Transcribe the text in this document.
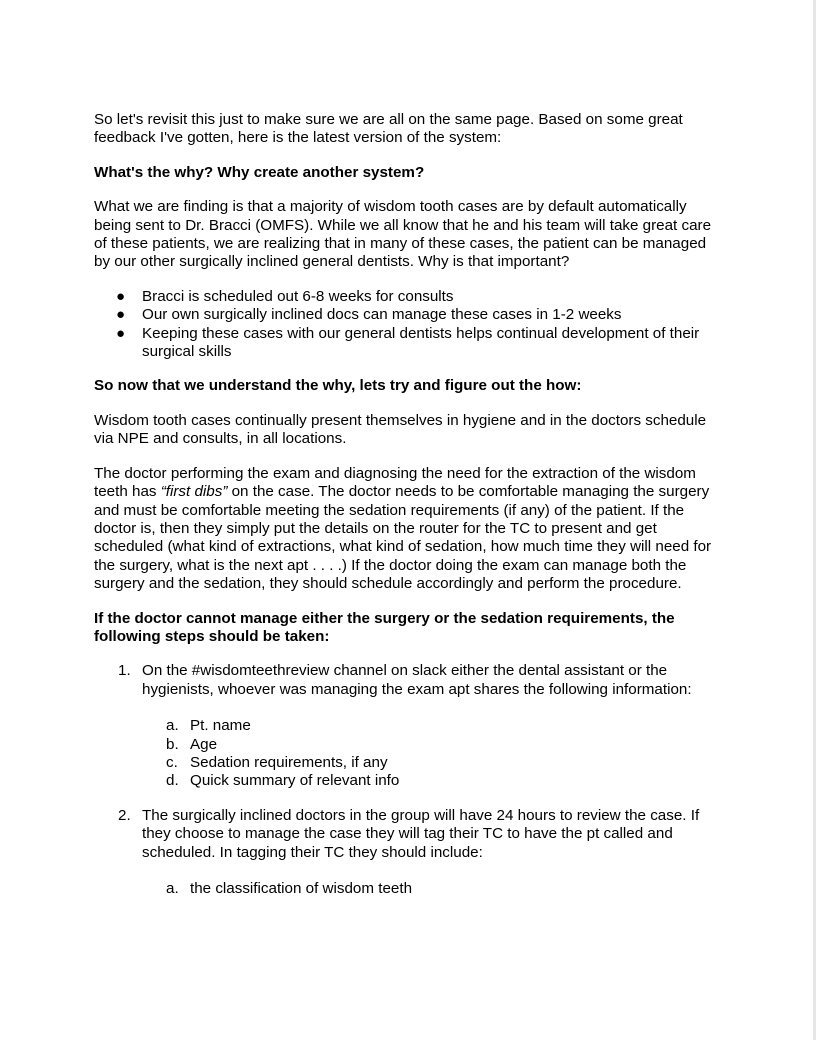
So let's revisit this just to make sure we are all on the same page. Based on some great feedback I've gotten, here is the latest version of the system:

What's the why? Why create another system?

What we are finding is that a majority of wisdom tooth cases are by default automatically being sent to Dr. Bracci (OMFS). While we all know that he and his team will take great care of these patients, we are realizing that in many of these cases, the patient can be managed by our other surgically inclined general dentists. Why is that important?

● Bracci is scheduled out 6-8 weeks for consults
● Our own surgically inclined docs can manage these cases in 1-2 weeks
● Keeping these cases with our general dentists helps continual development of their surgical skills

So now that we understand the why, lets try and figure out the how:

Wisdom tooth cases continually present themselves in hygiene and in the doctors schedule via NPE and consults, in all locations.

The doctor performing the exam and diagnosing the need for the extraction of the wisdom teeth has “first dibs” on the case. The doctor needs to be comfortable managing the surgery and must be comfortable meeting the sedation requirements (if any) of the patient. If the doctor is, then they simply put the details on the router for the TC to present and get scheduled (what kind of extractions, what kind of sedation, how much time they will need for the surgery, what is the next apt . . . .) If the doctor doing the exam can manage both the surgery and the sedation, they should schedule accordingly and perform the procedure.

If the doctor cannot manage either the surgery or the sedation requirements, the following steps should be taken:

1. On the #wisdomteethreview channel on slack either the dental assistant or the hygienists, whoever was managing the exam apt shares the following information:
a. Pt. name
b. Age
c. Sedation requirements, if any
d. Quick summary of relevant info
2. The surgically inclined doctors in the group will have 24 hours to review the case. If they choose to manage the case they will tag their TC to have the pt called and scheduled. In tagging their TC they should include:
a. the classification of wisdom teeth
